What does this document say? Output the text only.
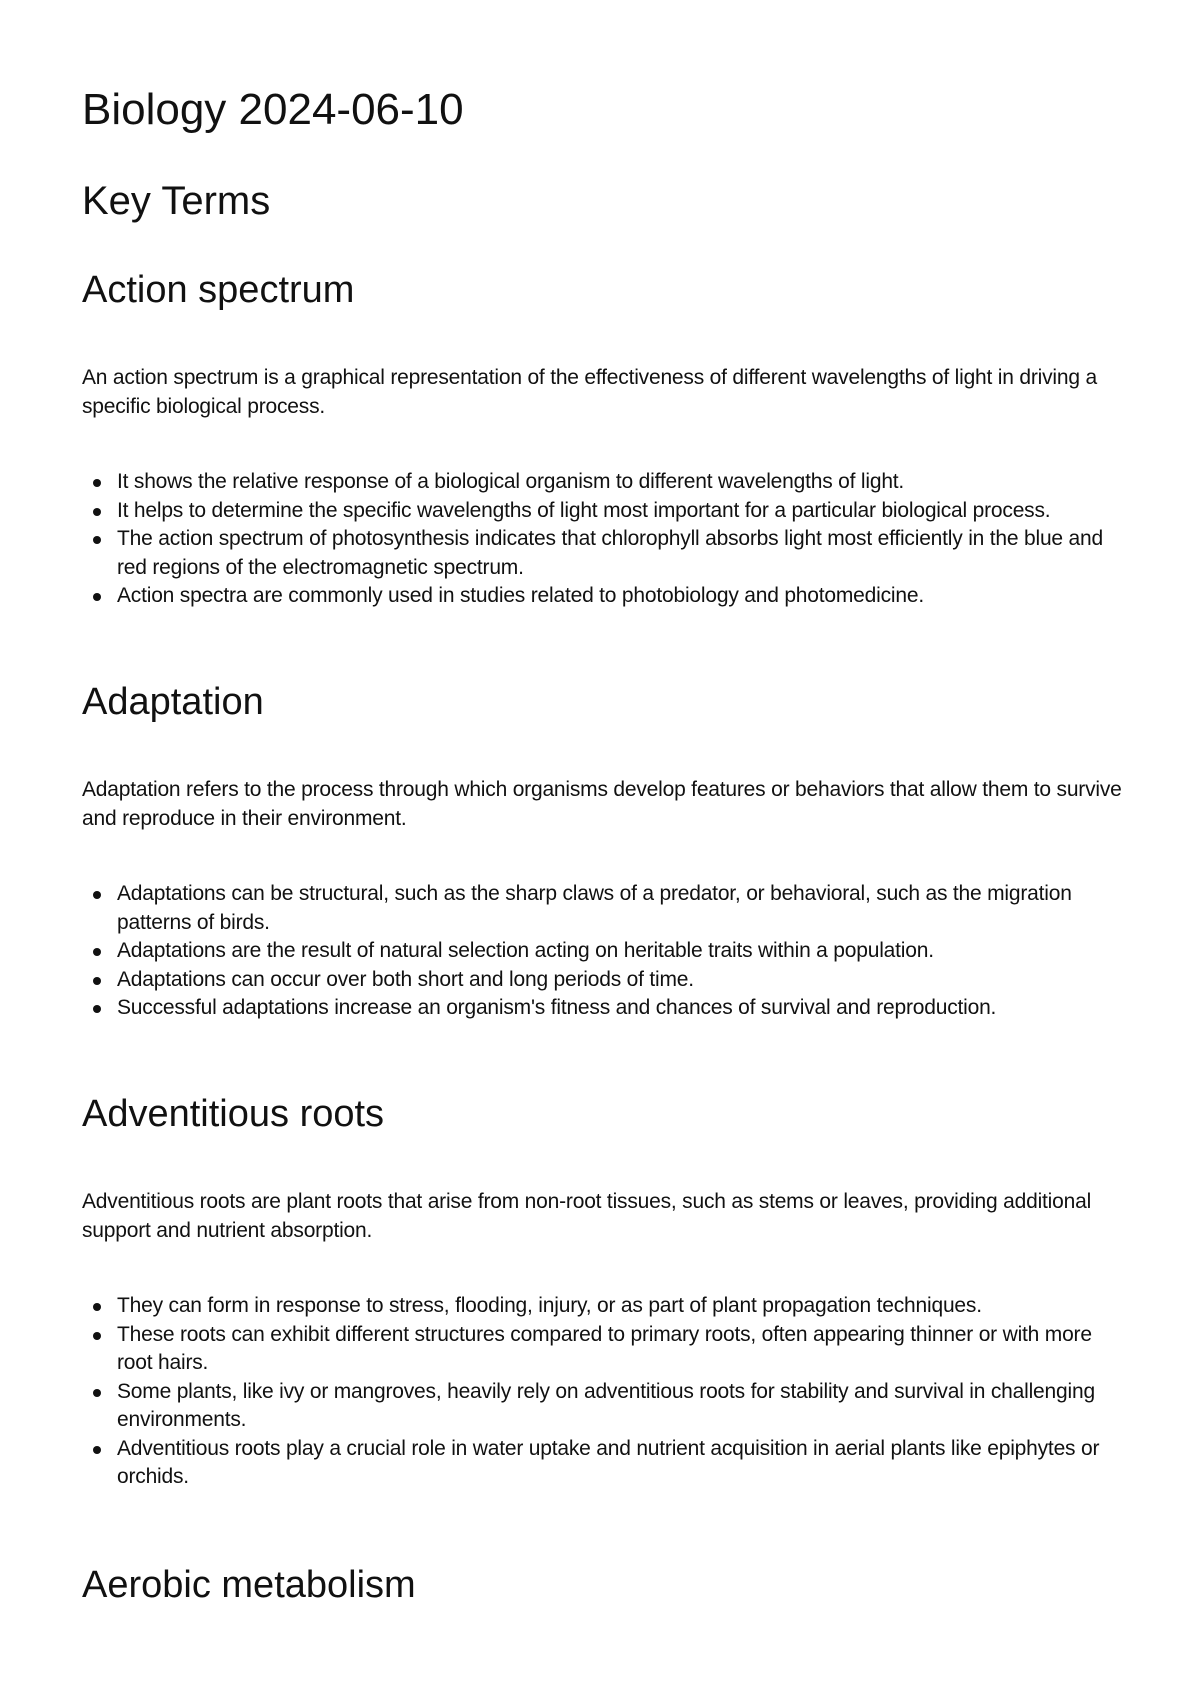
Biology 2024-06-10
Key Terms
Action spectrum

An action spectrum is a graphical representation of the effectiveness of different wavelengths of light in driving a specific biological process.

It shows the relative response of a biological organism to different wavelengths of light.
It helps to determine the specific wavelengths of light most important for a particular biological process.
The action spectrum of photosynthesis indicates that chlorophyll absorbs light most efficiently in the blue and red regions of the electromagnetic spectrum.
Action spectra are commonly used in studies related to photobiology and photomedicine.
Adaptation

Adaptation refers to the process through which organisms develop features or behaviors that allow them to survive and reproduce in their environment.

Adaptations can be structural, such as the sharp claws of a predator, or behavioral, such as the migration patterns of birds.
Adaptations are the result of natural selection acting on heritable traits within a population.
Adaptations can occur over both short and long periods of time.
Successful adaptations increase an organism's fitness and chances of survival and reproduction.
Adventitious roots

Adventitious roots are plant roots that arise from non-root tissues, such as stems or leaves, providing additional support and nutrient absorption.

They can form in response to stress, flooding, injury, or as part of plant propagation techniques.
These roots can exhibit different structures compared to primary roots, often appearing thinner or with more root hairs.
Some plants, like ivy or mangroves, heavily rely on adventitious roots for stability and survival in challenging environments.
Adventitious roots play a crucial role in water uptake and nutrient acquisition in aerial plants like epiphytes or orchids.
Aerobic metabolism
